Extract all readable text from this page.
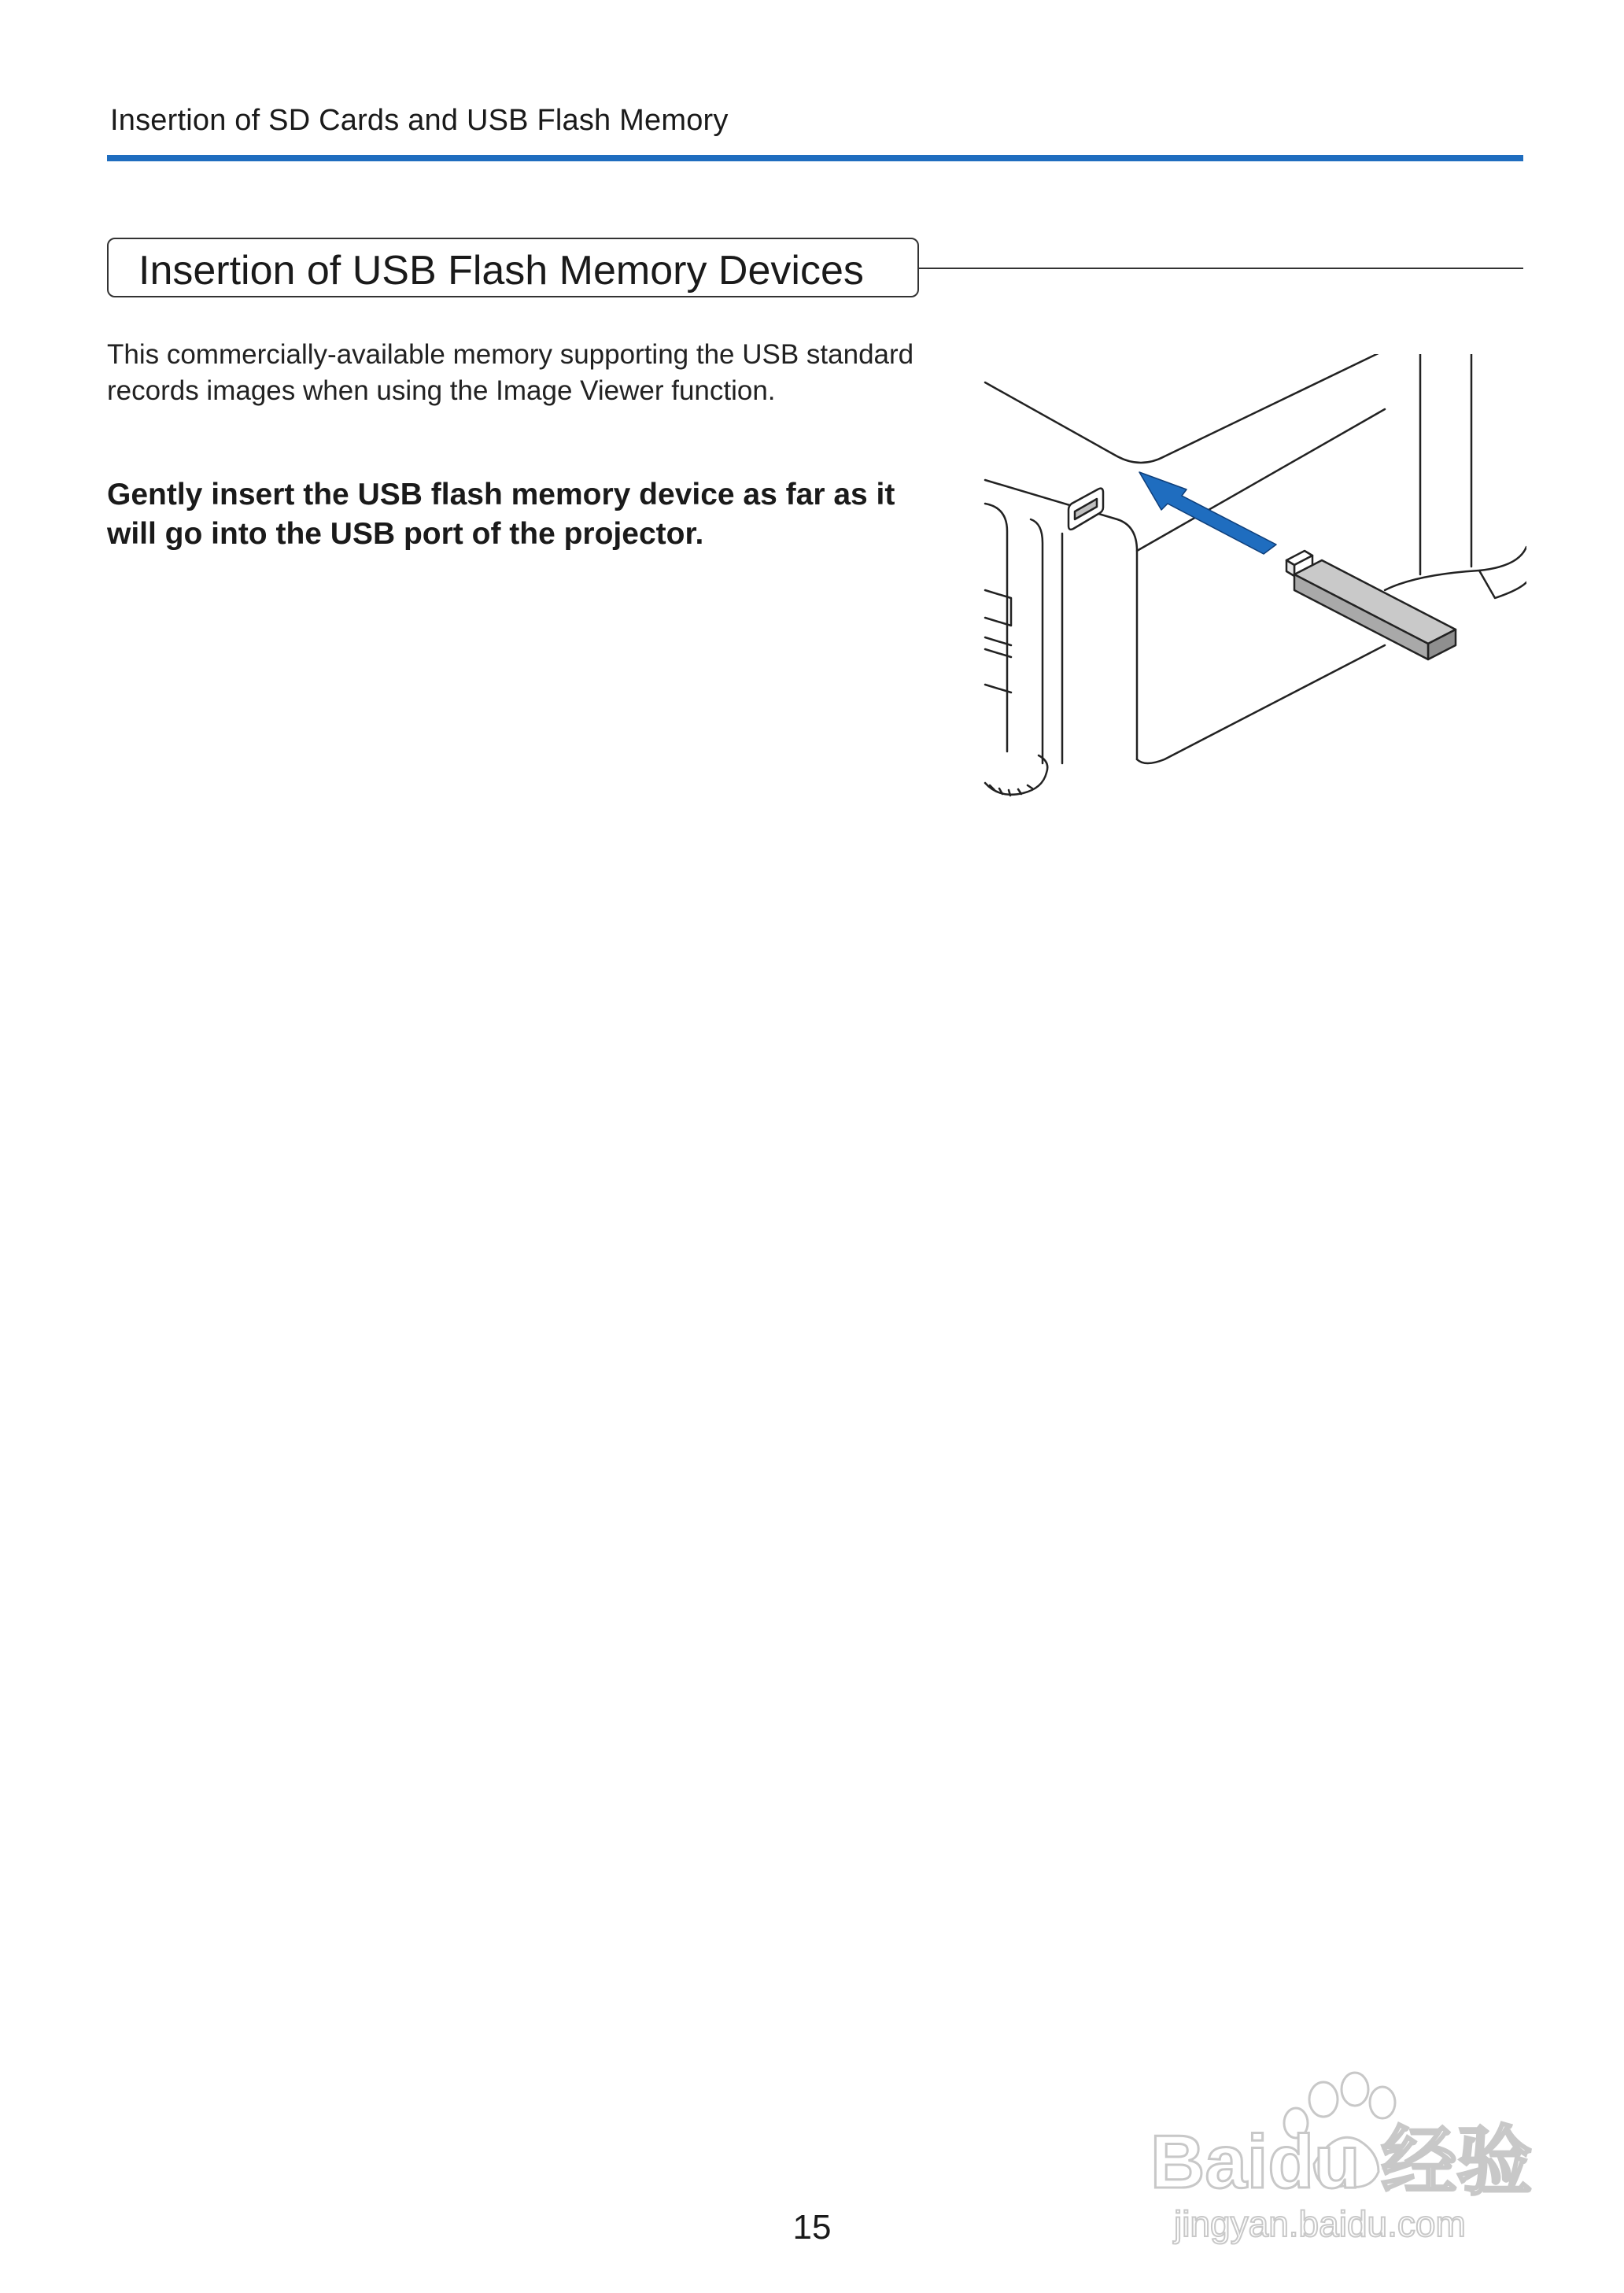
Insertion of SD Cards and USB Flash Memory
Insertion of USB Flash Memory Devices
This commercially-available memory supporting the USB standard records images when using the Image Viewer function.
Gently insert the USB flash memory device as far as it will go into the USB port of the projector.
Baidu 经验
jingyan.baidu.com
15
